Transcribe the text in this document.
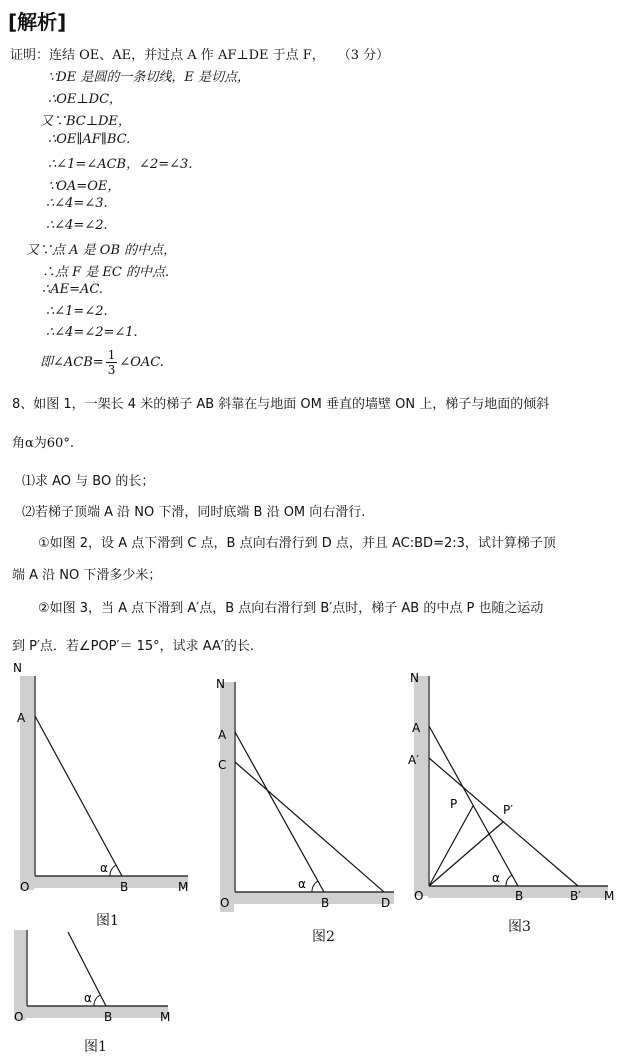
[解析]
证明：连结 OE、AE，并过点 A 作 AF⊥DE 于点 F，　　（3 分）
∵DE 是圆的一条切线，E 是切点，
∴OE⊥DC，
又∵BC⊥DE，
∴OE∥AF∥BC.
∴∠1=∠ACB，∠2=∠3.
∵OA=OE，
∴∠4=∠3.
∴∠4=∠2.
又∵点 A 是 OB 的中点，
∴点 F 是 EC 的中点.
∴AE=AC.
∴∠1=∠2.
∴∠4=∠2=∠1.
即∠ACB= $\frac{1}{3}$ ∠OAC.
8、如图 1，一架长 4 米的梯子 AB 斜靠在与地面 OM 垂直的墙壁 ON 上，梯子与地面的倾斜
角α为60°.
⑴求 AO 与 BO 的长；
⑵若梯子顶端 A 沿 NO 下滑，同时底端 B 沿 OM 向右滑行.
①如图 2，设 A 点下滑到 C 点，B 点向右滑行到 D 点，并且 AC:BD=2:3，试计算梯子顶
端 A 沿 NO 下滑多少米；
②如图 3，当 A 点下滑到 A′点，B 点向右滑行到 B′点时，梯子 AB 的中点 P 也随之运动
到 P′点．若∠POP′＝ 15°，试求 AA′的长.
N
A
O	B	M
α
图1
N
A
C
O	B	D
α
图2
N
A
A′
P	P′
O	B	B′ M
α
图3
O	B	M
α
图1
